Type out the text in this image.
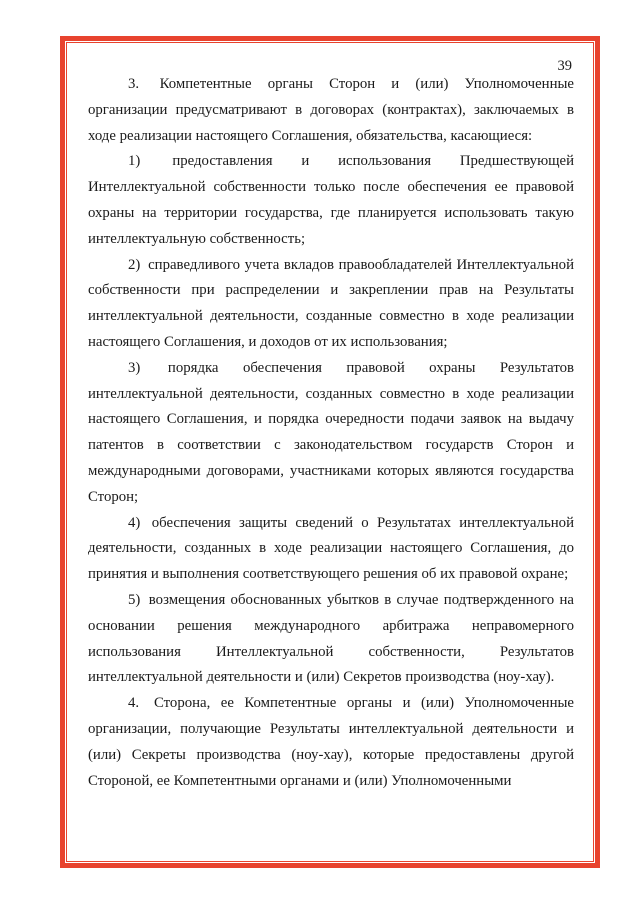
39

3.	Компетентные органы Сторон и (или) Уполномоченные организации предусматривают в договорах (контрактах), заключаемых в ходе реализации настоящего Соглашения, обязательства, касающиеся:

1)	предоставления и использования Предшествующей Интеллектуальной собственности только после обеспечения ее правовой охраны на территории государства, где планируется использовать такую интеллектуальную собственность;

2)	справедливого учета вкладов правообладателей Интеллектуальной собственности при распределении и закреплении прав на Результаты интеллектуальной деятельности, созданные совместно в ходе реализации настоящего Соглашения, и доходов от их использования;

3)	порядка обеспечения правовой охраны Результатов интеллектуальной деятельности, созданных совместно в ходе реализации настоящего Соглашения, и порядка очередности подачи заявок на выдачу патентов в соответствии с законодательством государств Сторон и международными договорами, участниками которых являются государства Сторон;

4)	обеспечения защиты сведений о Результатах интеллектуальной деятельности, созданных в ходе реализации настоящего Соглашения, до принятия и выполнения соответствующего решения об их правовой охране;

5)	возмещения обоснованных убытков в случае подтвержденного на основании решения международного арбитража неправомерного использования Интеллектуальной собственности, Результатов интеллектуальной деятельности и (или) Секретов производства (ноу-хау).

4.	Сторона, ее Компетентные органы и (или) Уполномоченные организации, получающие Результаты интеллектуальной деятельности и (или) Секреты производства (ноу-хау), которые предоставлены другой Стороной, ее Компетентными органами и (или) Уполномоченными
